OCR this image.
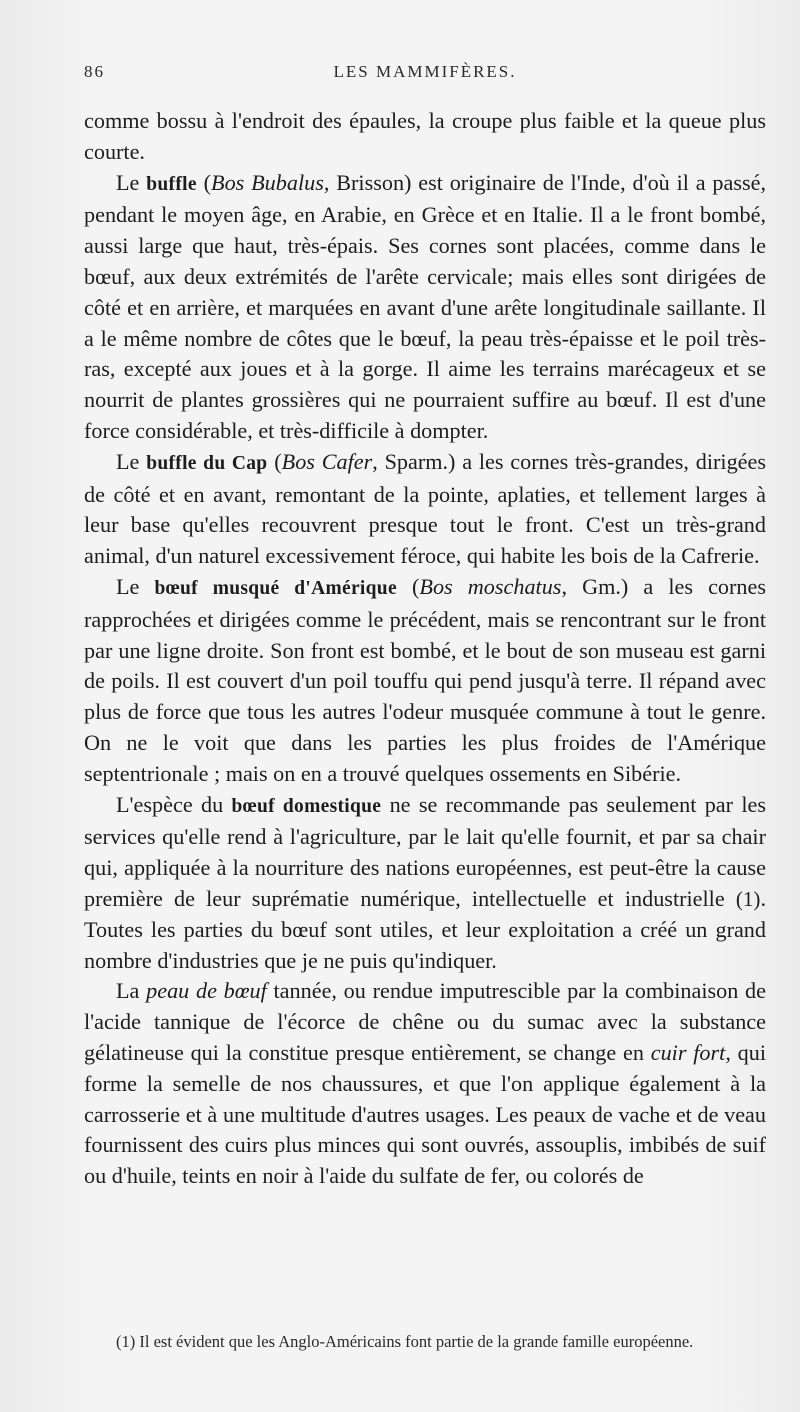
86	LES MAMMIFÈRES.

comme bossu à l'endroit des épaules, la croupe plus faible et la queue plus courte.

Le buffle (Bos Bubalus, Brisson) est originaire de l'Inde, d'où il a passé, pendant le moyen âge, en Arabie, en Grèce et en Italie. Il a le front bombé, aussi large que haut, très-épais. Ses cornes sont placées, comme dans le bœuf, aux deux extrémités de l'arête cervicale; mais elles sont dirigées de côté et en arrière, et marquées en avant d'une arête longitudinale saillante. Il a le même nombre de côtes que le bœuf, la peau très-épaisse et le poil très-ras, excepté aux joues et à la gorge. Il aime les terrains marécageux et se nourrit de plantes grossières qui ne pourraient suffire au bœuf. Il est d'une force considérable, et très-difficile à dompter.

Le buffle du Cap (Bos Cafer, Sparm.) a les cornes très-grandes, dirigées de côté et en avant, remontant de la pointe, aplaties, et tellement larges à leur base qu'elles recouvrent presque tout le front. C'est un très-grand animal, d'un naturel excessivement féroce, qui habite les bois de la Cafrerie.

Le bœuf musqué d'Amérique (Bos moschatus, Gm.) a les cornes rapprochées et dirigées comme le précédent, mais se rencontrant sur le front par une ligne droite. Son front est bombé, et le bout de son museau est garni de poils. Il est couvert d'un poil touffu qui pend jusqu'à terre. Il répand avec plus de force que tous les autres l'odeur musquée commune à tout le genre. On ne le voit que dans les parties les plus froides de l'Amérique septentrionale ; mais on en a trouvé quelques ossements en Sibérie.

L'espèce du bœuf domestique ne se recommande pas seulement par les services qu'elle rend à l'agriculture, par le lait qu'elle fournit, et par sa chair qui, appliquée à la nourriture des nations européennes, est peut-être la cause première de leur suprématie numérique, intellectuelle et industrielle (1). Toutes les parties du bœuf sont utiles, et leur exploitation a créé un grand nombre d'industries que je ne puis qu'indiquer.

La peau de bœuf tannée, ou rendue imputrescible par la combinaison de l'acide tannique de l'écorce de chêne ou du sumac avec la substance gélatineuse qui la constitue presque entièrement, se change en cuir fort, qui forme la semelle de nos chaussures, et que l'on applique également à la carrosserie et à une multitude d'autres usages. Les peaux de vache et de veau fournissent des cuirs plus minces qui sont ouvrés, assouplis, imbibés de suif ou d'huile, teints en noir à l'aide du sulfate de fer, ou colorés de

(1) Il est évident que les Anglo-Américains font partie de la grande famille européenne.
